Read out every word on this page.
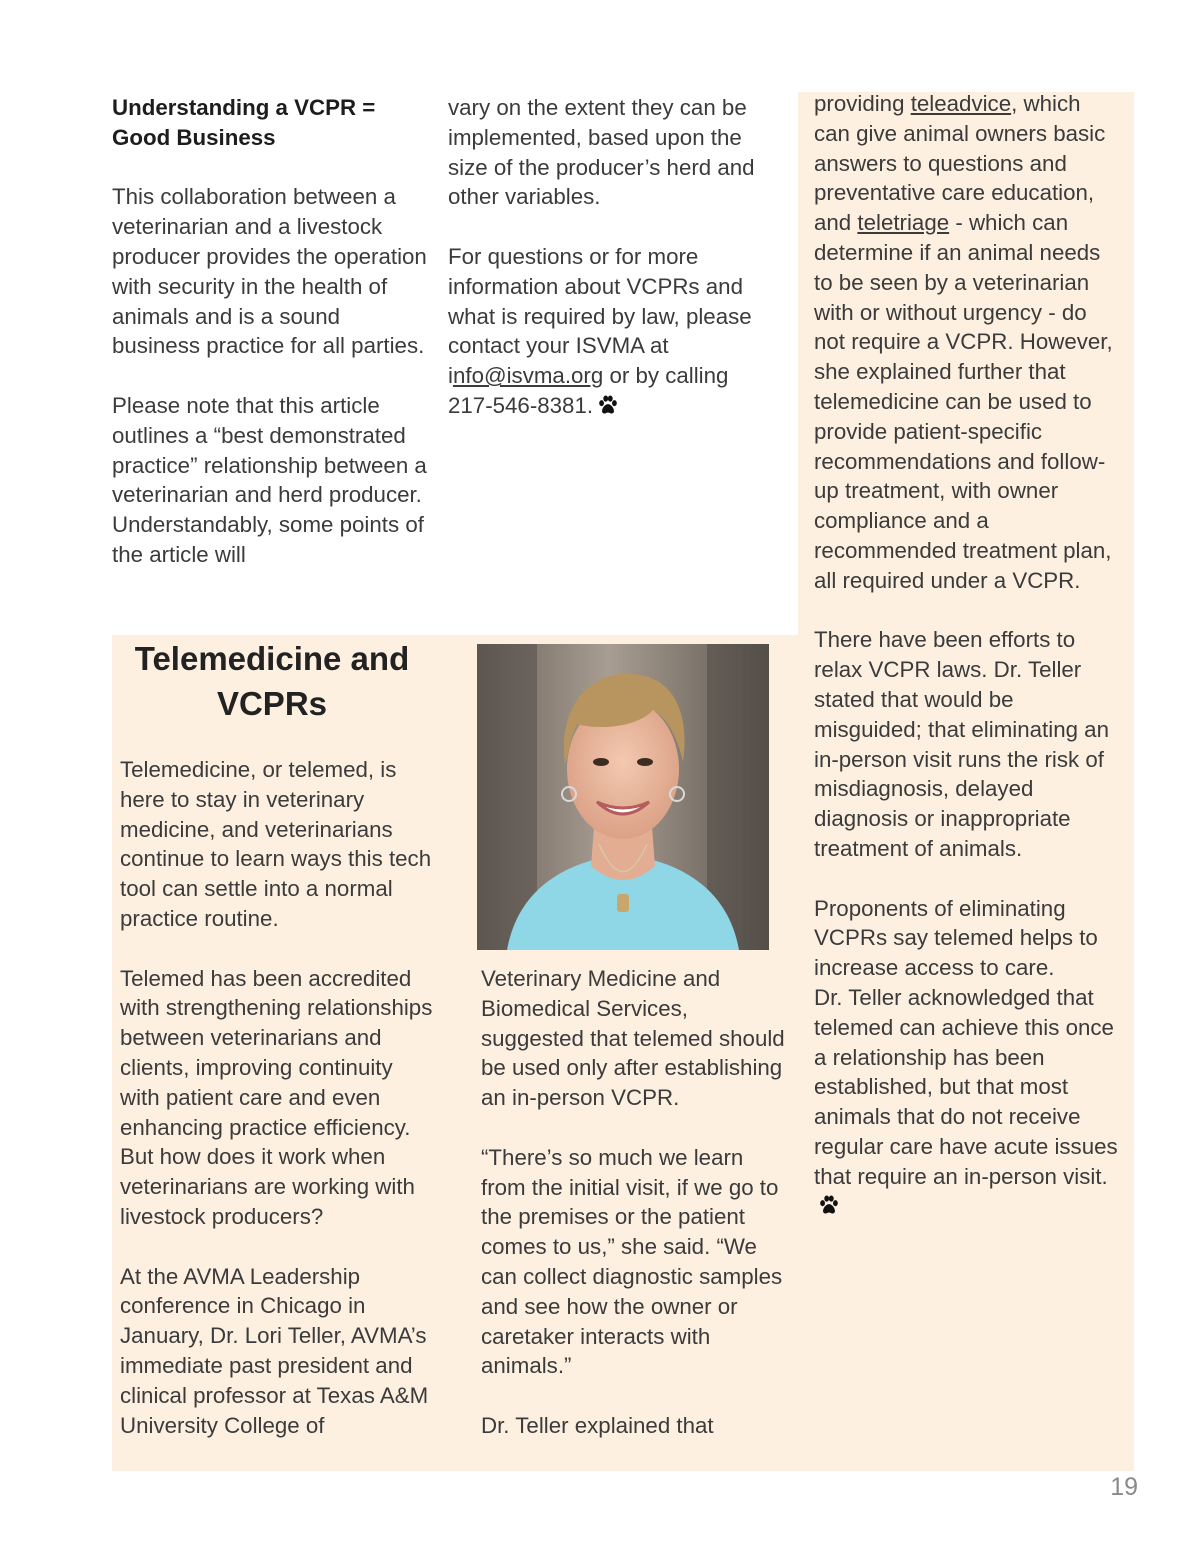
Understanding a VCPR = Good Business

This collaboration between a veterinarian and a livestock producer provides the operation with security in the health of animals and is a sound business practice for all parties.

Please note that this article outlines a “best demonstrated practice” relationship between a veterinarian and herd producer. Understandably, some points of the article will

vary on the extent they can be implemented, based upon the size of the producer’s herd and other variables.

For questions or for more information about VCPRs and what is required by law, please contact your ISVMA at info@isvma.org or by calling 217-546-8381.

providing teleadvice, which can give animal owners basic answers to questions and preventative care education, and teletriage - which can determine if an animal needs to be seen by a veterinarian with or without urgency - do not require a VCPR. However, she explained further that telemedicine can be used to provide patient-specific recommendations and follow-up treatment, with owner compliance and a recommended treatment plan, all required under a VCPR.

There have been efforts to relax VCPR laws. Dr. Teller stated that would be misguided; that eliminating an in-person visit runs the risk of misdiagnosis, delayed diagnosis or inappropriate treatment of animals.

Proponents of eliminating VCPRs say telemed helps to increase access to care.
Dr. Teller acknowledged that telemed can achieve this once a relationship has been established, but that most animals that do not receive regular care have acute issues that require an in-person visit.

Telemedicine and VCPRs

Telemedicine, or telemed, is here to stay in veterinary medicine, and veterinarians continue to learn ways this tech tool can settle into a normal practice routine.

Telemed has been accredited with strengthening relationships between veterinarians and clients, improving continuity with patient care and even enhancing practice efficiency. But how does it work when veterinarians are working with livestock producers?

At the AVMA Leadership conference in Chicago in January, Dr. Lori Teller, AVMA’s immediate past president and clinical professor at Texas A&M University College of

Veterinary Medicine and Biomedical Services, suggested that telemed should be used only after establishing an in-person VCPR.

“There’s so much we learn from the initial visit, if we go to the premises or the patient comes to us,” she said. “We can collect diagnostic samples and see how the owner or caretaker interacts with animals.”

Dr. Teller explained that

19
